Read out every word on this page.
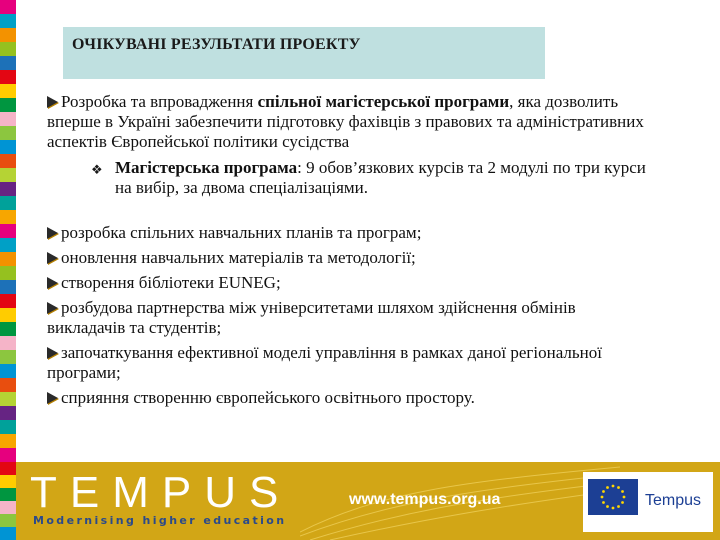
ОЧІКУВАНІ РЕЗУЛЬТАТИ ПРОЕКТУ

Розробка та впровадження спільної магістерської програми, яка дозволить вперше в Україні забезпечити підготовку фахівців з правових та адміністративних аспектів Європейської політики сусідства

❖ Магістерська програма: 9 обов’язкових курсів та 2 модулі по три курси на вибір, за двома спеціалізаціями.

розробка спільних навчальних планів та програм;

оновлення навчальних матеріалів та методології;

створення бібліотеки EUNEG;

розбудова партнерства між університетами шляхом здійснення обмінів викладачів та студентів;

започаткування ефективної моделі управління в рамках даної регіональної програми;

сприяння створенню європейського освітнього простору.

TEMPUS
Modernising higher education
www.tempus.org.ua	Tempus
